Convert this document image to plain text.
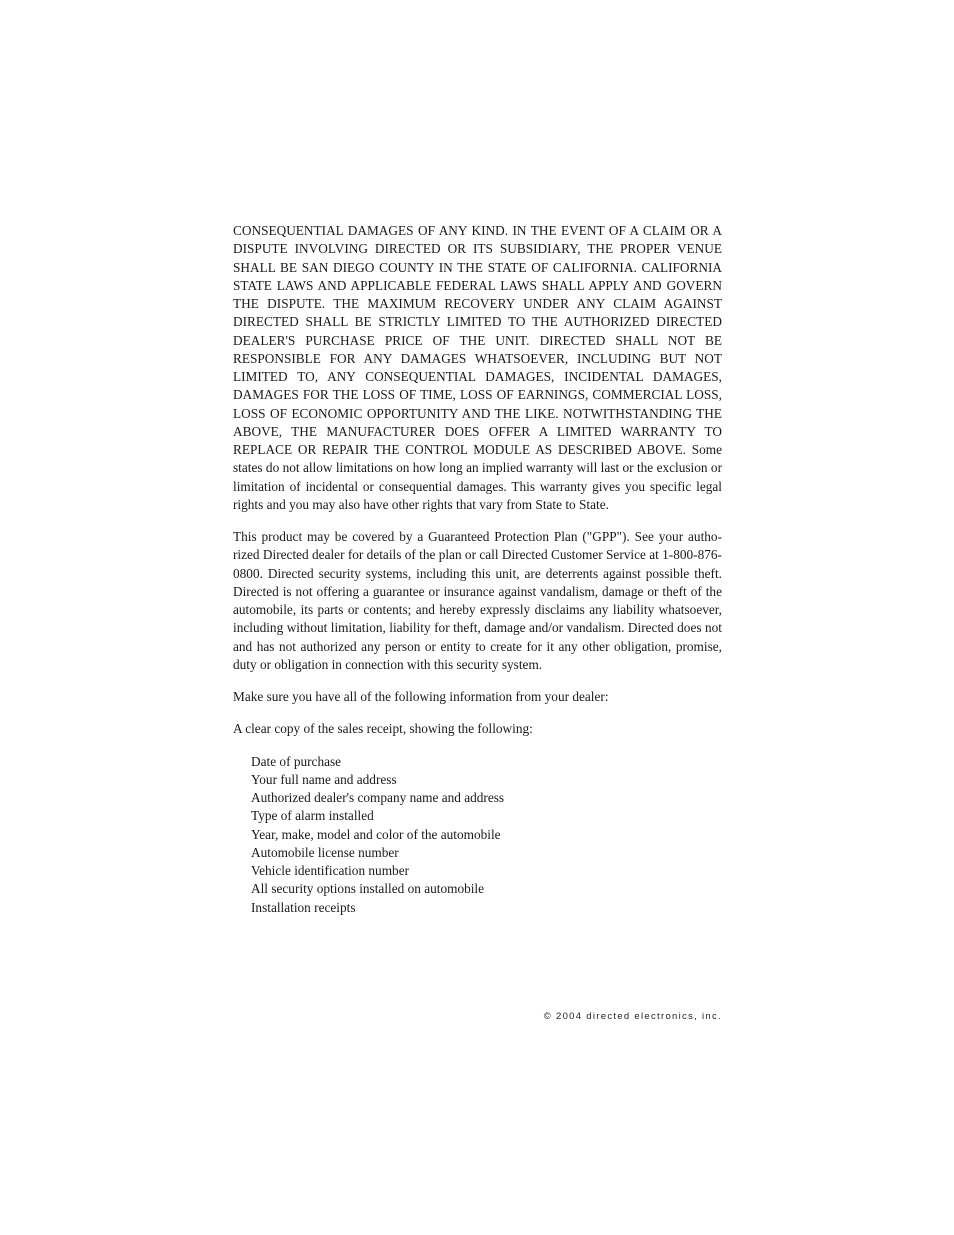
CONSEQUENTIAL DAMAGES OF ANY KIND. IN THE EVENT OF A CLAIM OR A DISPUTE INVOLVING DIRECTED OR ITS SUBSIDIARY, THE PROPER VENUE SHALL BE SAN DIEGO COUNTY IN THE STATE OF CALIFORNIA. CALIFORNIA STATE LAWS AND APPLICABLE FEDERAL LAWS SHALL APPLY AND GOVERN THE DISPUTE. THE MAXIMUM RECOVERY UNDER ANY CLAIM AGAINST DIRECTED SHALL BE STRICTLY LIMITED TO THE AUTHORIZED DIRECTED DEALER'S PURCHASE PRICE OF THE UNIT. DIRECTED SHALL NOT BE RESPONSIBLE FOR ANY DAMAGES WHATSOEVER, INCLUDING BUT NOT LIMITED TO, ANY CONSEQUENTIAL DAMAGES, INCIDENTAL DAMAGES, DAMAGES FOR THE LOSS OF TIME, LOSS OF EARNINGS, COMMERCIAL LOSS, LOSS OF ECONOMIC OPPORTUNITY AND THE LIKE. NOTWITHSTANDING THE ABOVE, THE MANUFACTURER DOES OFFER A LIMITED WARRANTY TO REPLACE OR REPAIR THE CONTROL MODULE AS DESCRIBED ABOVE. Some states do not allow limitations on how long an implied warranty will last or the exclusion or limitation of incidental or consequential damages. This warranty gives you specific legal rights and you may also have other rights that vary from State to State.

This product may be covered by a Guaranteed Protection Plan ("GPP"). See your authorized Directed dealer for details of the plan or call Directed Customer Service at 1-800-876-0800. Directed security systems, including this unit, are deterrents against possible theft. Directed is not offering a guarantee or insurance against vandalism, damage or theft of the automobile, its parts or contents; and hereby expressly disclaims any liability whatsoever, including without limitation, liability for theft, damage and/or vandalism. Directed does not and has not authorized any person or entity to create for it any other obligation, promise, duty or obligation in connection with this security system.

Make sure you have all of the following information from your dealer:

A clear copy of the sales receipt, showing the following:

Date of purchase
Your full name and address
Authorized dealer's company name and address
Type of alarm installed
Year, make, model and color of the automobile
Automobile license number
Vehicle identification number
All security options installed on automobile
Installation receipts
© 2004 directed electronics, inc.
